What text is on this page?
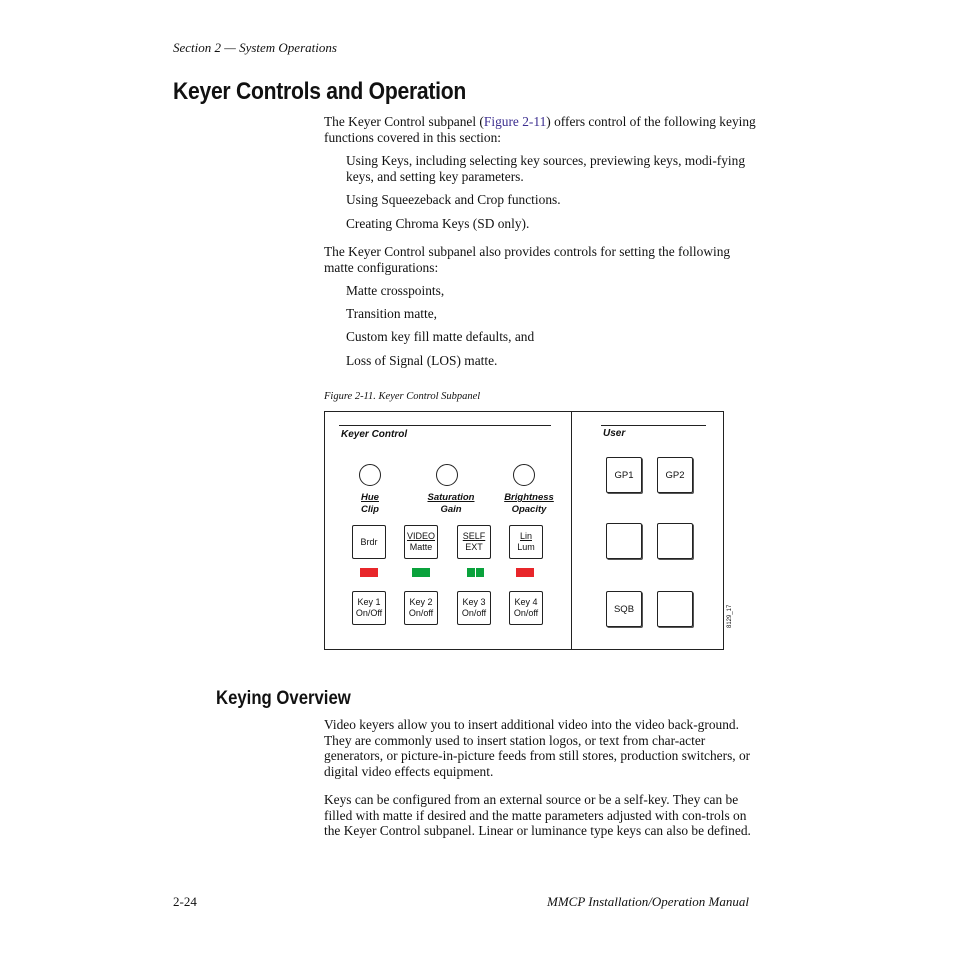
Section 2 — System Operations
Keyer Controls and Operation
The Keyer Control subpanel (Figure 2-11) offers control of the following keying functions covered in this section:
Using Keys, including selecting key sources, previewing keys, modi-fying keys, and setting key parameters.
Using Squeezeback and Crop functions.
Creating Chroma Keys (SD only).
The Keyer Control subpanel also provides controls for setting the following matte configurations:
Matte crosspoints,
Transition matte,
Custom key fill matte defaults, and
Loss of Signal (LOS) matte.
Figure 2-11. Keyer Control Subpanel
Keyer Control	User
Hue
Clip
Saturation
Gain
Brightness
Opacity
Brdr
VIDEO
Matte
SELF
EXT
Lin
Lum
Key 1
On/Off
Key 2
On/off
Key 3
On/off
Key 4
On/off
GP1	GP2
SQB	8129_17
Keying Overview
Video keyers allow you to insert additional video into the video back-ground. They are commonly used to insert station logos, or text from char-acter generators, or picture-in-picture feeds from still stores, production switchers, or digital video effects equipment.
Keys can be configured from an external source or be a self-key. They can be filled with matte if desired and the matte parameters adjusted with con-trols on the Keyer Control subpanel. Linear or luminance type keys can also be defined.
2-24	MMCP Installation/Operation Manual
